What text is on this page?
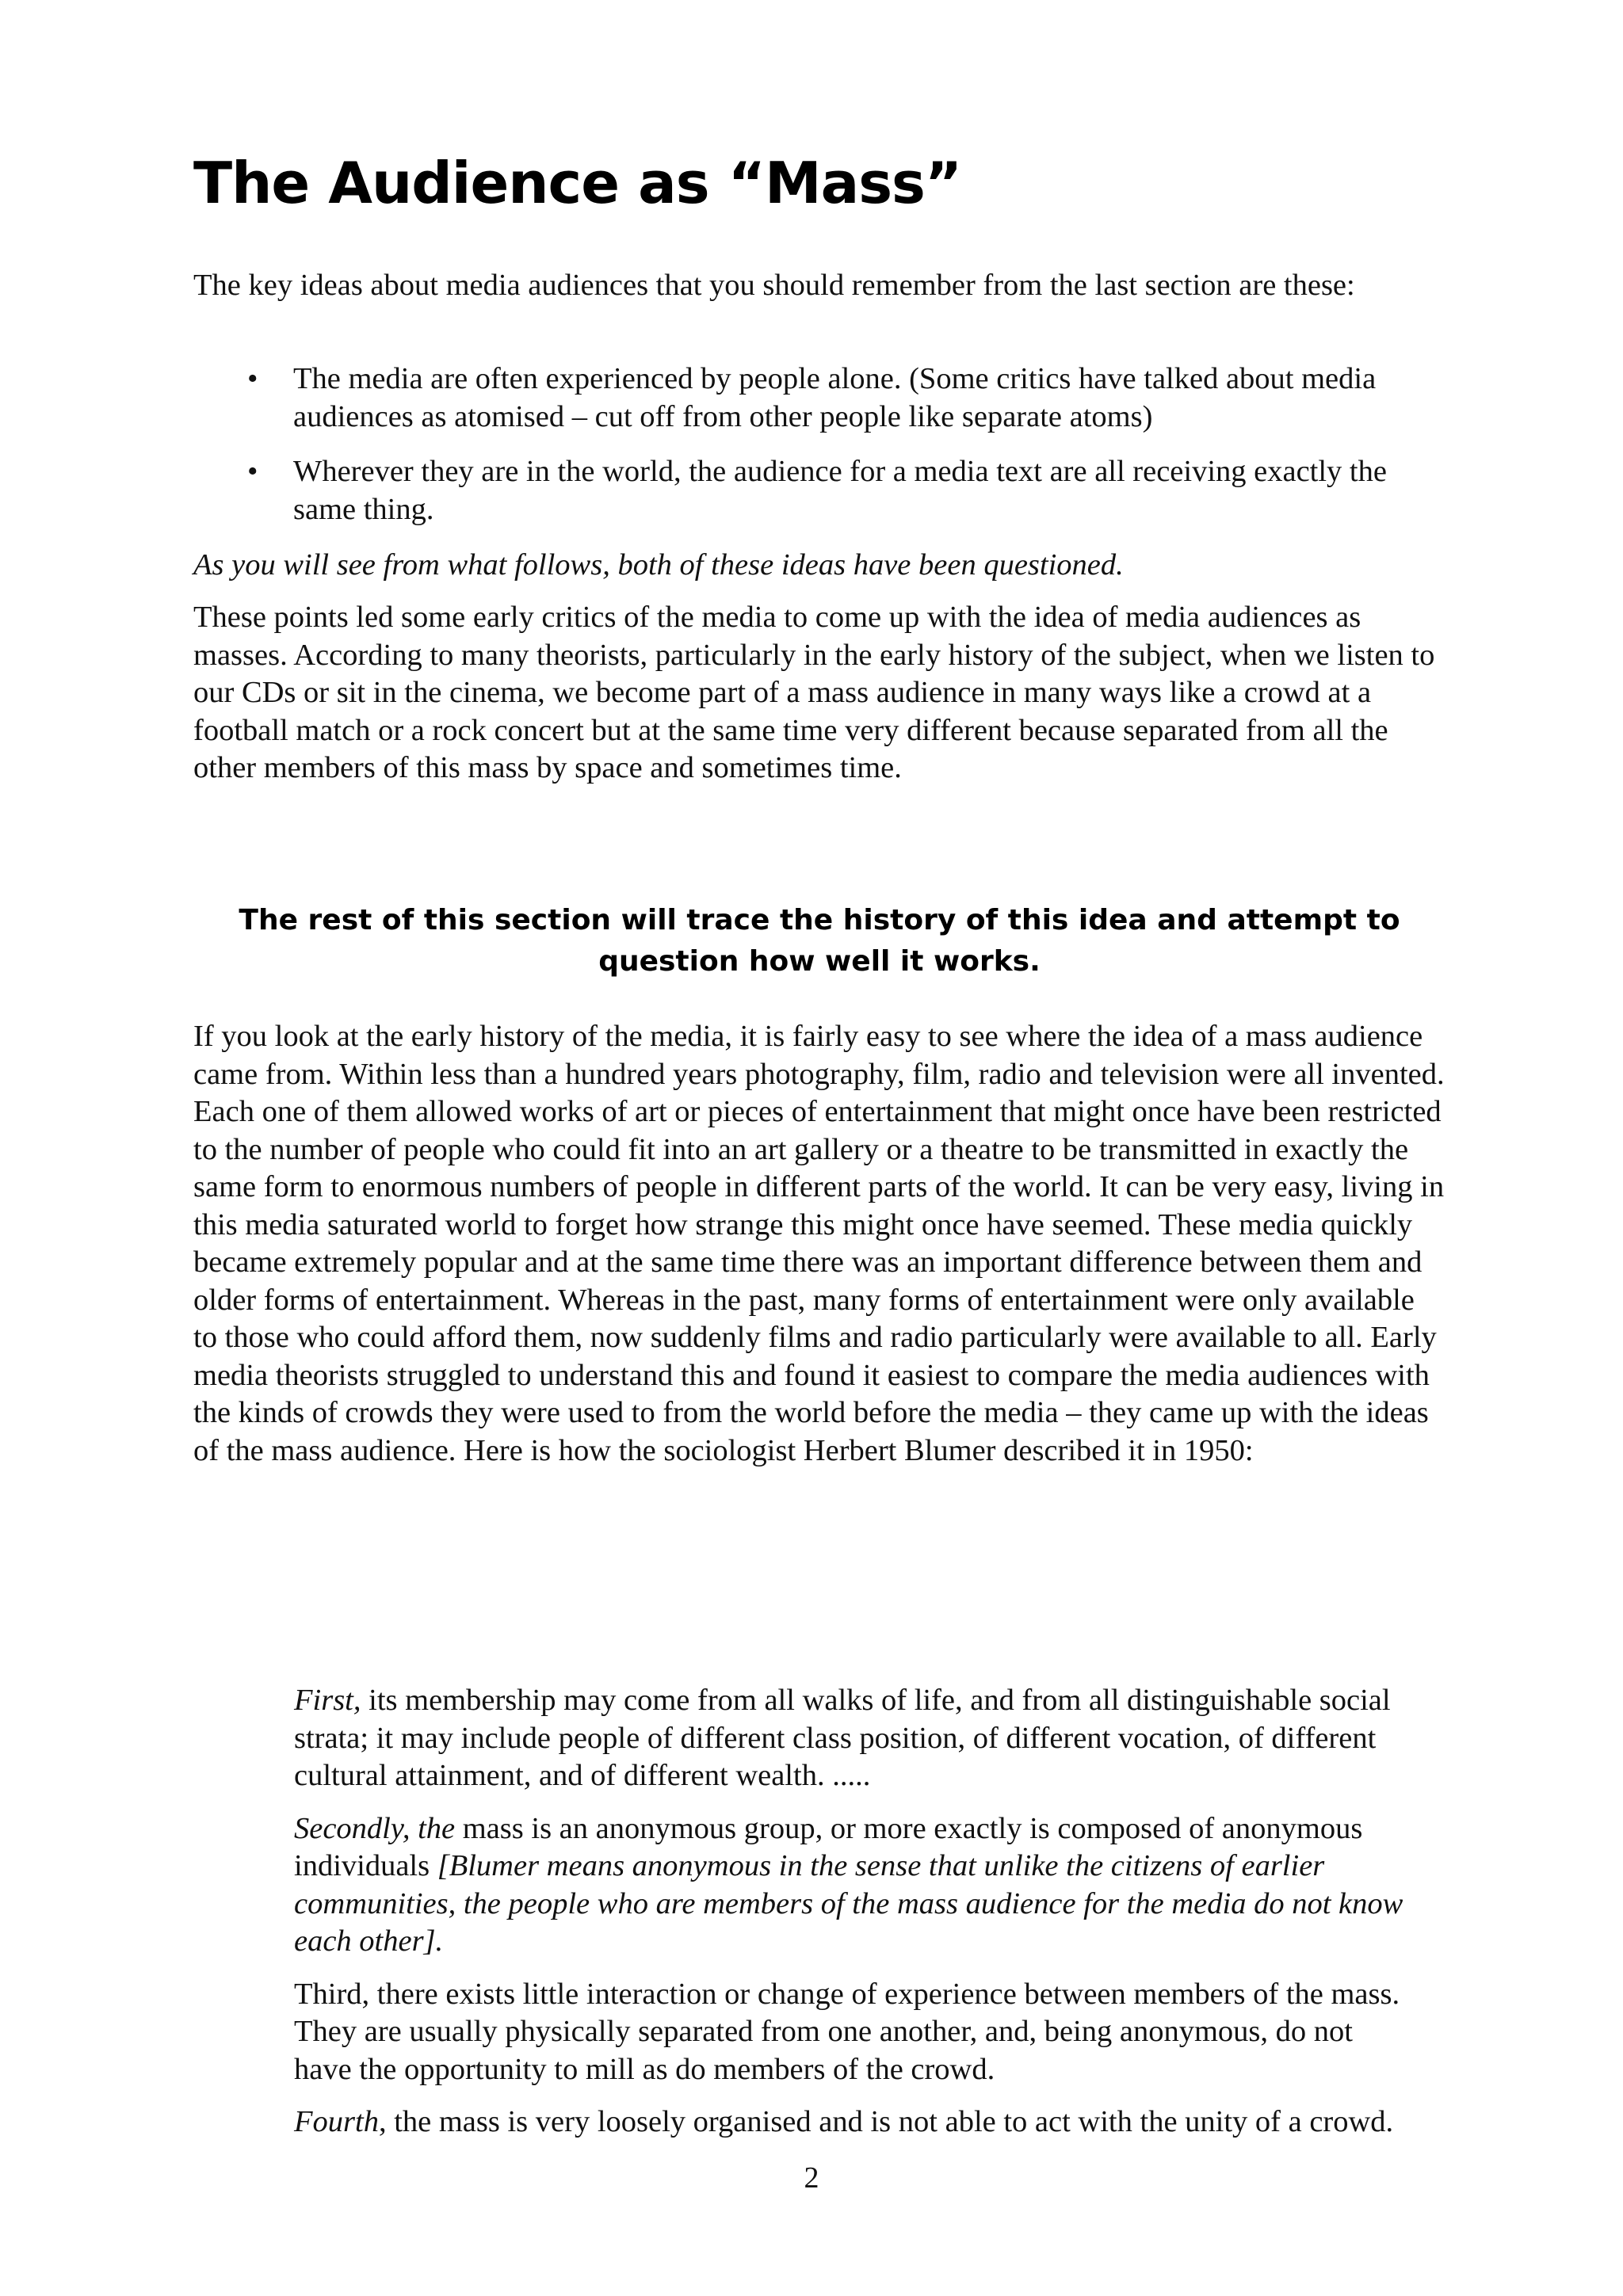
The Audience as “Mass”

The key ideas about media audiences that you should remember from the last section are these:

• The media are often experienced by people alone. (Some critics have talked about media audiences as atomised – cut off from other people like separate atoms)
• Wherever they are in the world, the audience for a media text are all receiving exactly the same thing.

As you will see from what follows, both of these ideas have been questioned.

These points led some early critics of the media to come up with the idea of media audiences as masses. According to many theorists, particularly in the early history of the subject, when we listen to our CDs or sit in the cinema, we become part of a mass audience in many ways like a crowd at a football match or a rock concert but at the same time very different because separated from all the other members of this mass by space and sometimes time.

The rest of this section will trace the history of this idea and attempt to question how well it works.

If you look at the early history of the media, it is fairly easy to see where the idea of a mass audience came from. Within less than a hundred years photography, film, radio and television were all invented. Each one of them allowed works of art or pieces of entertainment that might once have been restricted to the number of people who could fit into an art gallery or a theatre to be transmitted in exactly the same form to enormous numbers of people in different parts of the world. It can be very easy, living in this media saturated world to forget how strange this might once have seemed. These media quickly became extremely popular and at the same time there was an important difference between them and older forms of entertainment. Whereas in the past, many forms of entertainment were only available to those who could afford them, now suddenly films and radio particularly were available to all. Early media theorists struggled to understand this and found it easiest to compare the media audiences with the kinds of crowds they were used to from the world before the media – they came up with the ideas of the mass audience. Here is how the sociologist Herbert Blumer described it in 1950:

First, its membership may come from all walks of life, and from all distinguishable social strata; it may include people of different class position, of different vocation, of different cultural attainment, and of different wealth. .....

Secondly, the mass is an anonymous group, or more exactly is composed of anonymous individuals [Blumer means anonymous in the sense that unlike the citizens of earlier communities, the people who are members of the mass audience for the media do not know each other].

Third, there exists little interaction or change of experience between members of the mass. They are usually physically separated from one another, and, being anonymous, do not have the opportunity to mill as do members of the crowd.

Fourth, the mass is very loosely organised and is not able to act with the unity of a crowd.

2
